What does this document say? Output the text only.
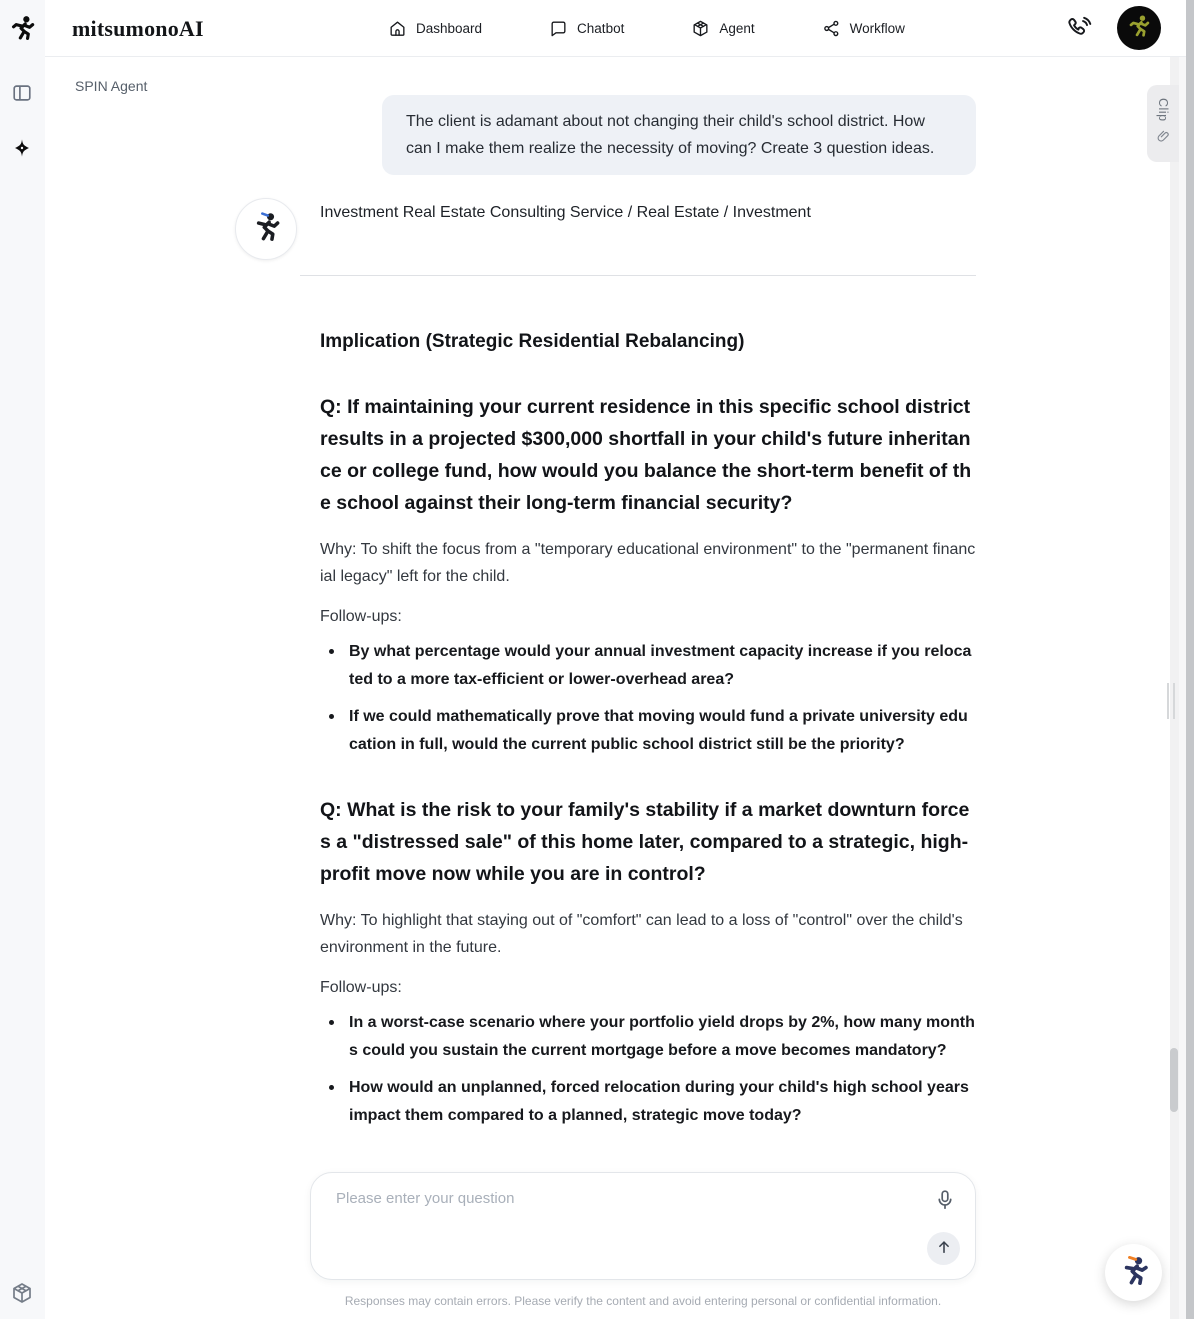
mitsumonoAI	Dashboard	Chatbot	Agent	Workflow
SPIN Agent
The client is adamant about not changing their child's school district. How can I make them realize the necessity of moving? Create 3 question ideas.
Investment Real Estate Consulting Service / Real Estate / Investment
Implication (Strategic Residential Rebalancing)

Q: If maintaining your current residence in this specific school district results in a projected $300,000 shortfall in your child's future inheritance or college fund, how would you balance the short-term benefit of the school against their long-term financial security?

Why: To shift the focus from a "temporary educational environment" to the "permanent financial legacy" left for the child.

Follow-ups:

By what percentage would your annual investment capacity increase if you relocated to a more tax-efficient or lower-overhead area?
If we could mathematically prove that moving would fund a private university education in full, would the current public school district still be the priority?

Q: What is the risk to your family's stability if a market downturn forces a "distressed sale" of this home later, compared to a strategic, high-profit move now while you are in control?

Why: To highlight that staying out of "comfort" can lead to a loss of "control" over the child's environment in the future.

Follow-ups:

In a worst-case scenario where your portfolio yield drops by 2%, how many months could you sustain the current mortgage before a move becomes mandatory?
How would an unplanned, forced relocation during your child's high school years impact them compared to a planned, strategic move today?
Please enter your question
Responses may contain errors. Please verify the content and avoid entering personal or confidential information.
Clip
